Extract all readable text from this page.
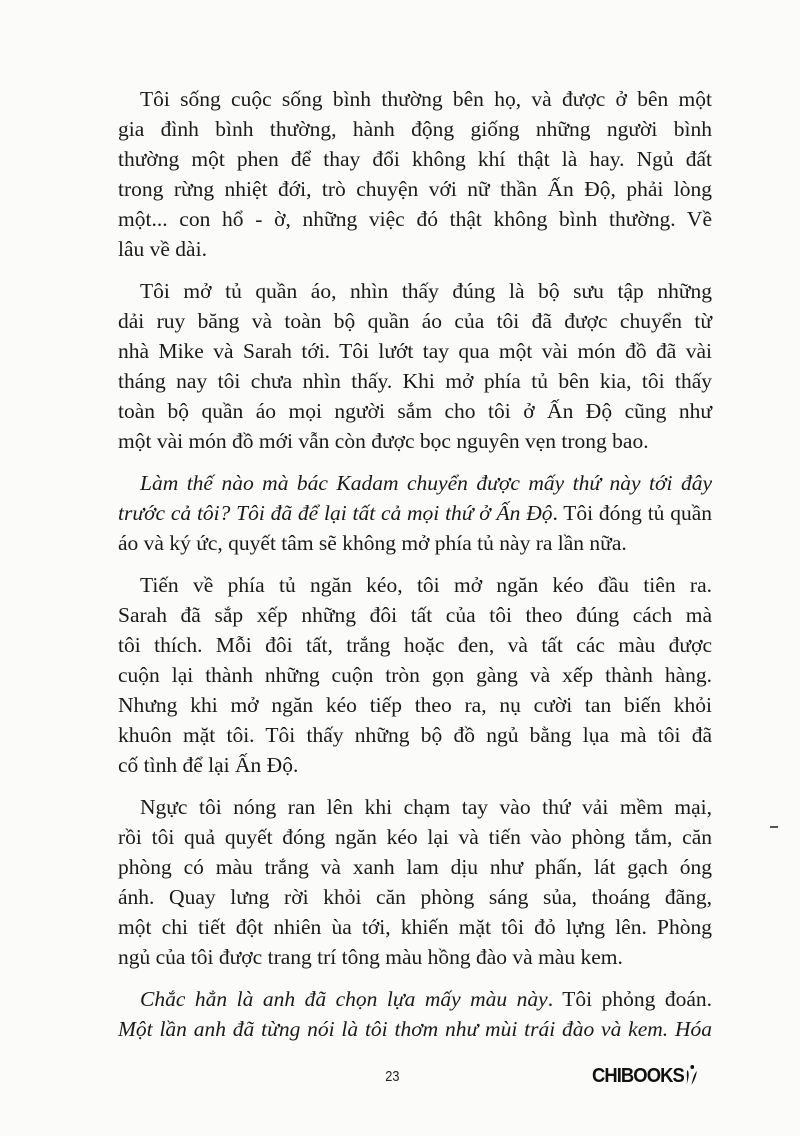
Tôi sống cuộc sống bình thường bên họ, và được ở bên một
gia đình bình thường, hành động giống những người bình
thường một phen để thay đổi không khí thật là hay. Ngủ đất
trong rừng nhiệt đới, trò chuyện với nữ thần Ấn Độ, phải lòng
một... con hổ - ờ, những việc đó thật không bình thường. Về
lâu về dài.
Tôi mở tủ quần áo, nhìn thấy đúng là bộ sưu tập những
dải ruy băng và toàn bộ quần áo của tôi đã được chuyển từ
nhà Mike và Sarah tới. Tôi lướt tay qua một vài món đồ đã vài
tháng nay tôi chưa nhìn thấy. Khi mở phía tủ bên kia, tôi thấy
toàn bộ quần áo mọi người sắm cho tôi ở Ấn Độ cũng như
một vài món đồ mới vẫn còn được bọc nguyên vẹn trong bao.
Làm thế nào mà bác Kadam chuyển được mấy thứ này tới đây
trước cả tôi? Tôi đã để lại tất cả mọi thứ ở Ấn Độ. Tôi đóng tủ quần
áo và ký ức, quyết tâm sẽ không mở phía tủ này ra lần nữa.
Tiến về phía tủ ngăn kéo, tôi mở ngăn kéo đầu tiên ra.
Sarah đã sắp xếp những đôi tất của tôi theo đúng cách mà
tôi thích. Mỗi đôi tất, trắng hoặc đen, và tất các màu được
cuộn lại thành những cuộn tròn gọn gàng và xếp thành hàng.
Nhưng khi mở ngăn kéo tiếp theo ra, nụ cười tan biến khỏi
khuôn mặt tôi. Tôi thấy những bộ đồ ngủ bằng lụa mà tôi đã
cố tình để lại Ấn Độ.
Ngực tôi nóng ran lên khi chạm tay vào thứ vải mềm mại,
rồi tôi quả quyết đóng ngăn kéo lại và tiến vào phòng tắm, căn
phòng có màu trắng và xanh lam dịu như phấn, lát gạch óng
ánh. Quay lưng rời khỏi căn phòng sáng sủa, thoáng đãng,
một chi tiết đột nhiên ùa tới, khiến mặt tôi đỏ lựng lên. Phòng
ngủ của tôi được trang trí tông màu hồng đào và màu kem.
Chắc hẳn là anh đã chọn lựa mấy màu này. Tôi phỏng đoán.
Một lần anh đã từng nói là tôi thơm như mùi trái đào và kem. Hóa
23	CHIBOOKS
